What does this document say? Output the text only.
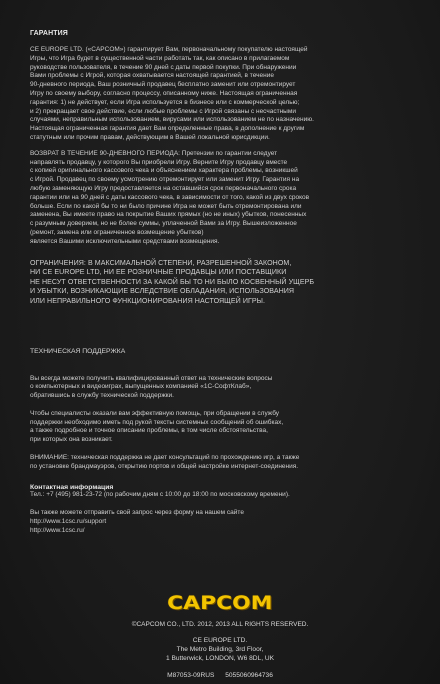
ГАРАНТИЯ

CE EUROPE LTD. («CAPCOM») гарантирует Вам, первоначальному покупателю настоящей
Игры, что Игра будет в существенной части работать так, как описано в прилагаемом
руководстве пользователя, в течение 90 дней с даты первой покупки. При обнаружении
Вами проблемы с Игрой, которая охватывается настоящей гарантией, в течение
90-дневного периода, Ваш розничный продавец бесплатно заменит или отремонтирует
Игру по своему выбору, согласно процессу, описанному ниже. Настоящая ограниченная
гарантия: 1) не действует, если Игра используется в бизнесе или с коммерческой целью;
и 2) прекращает свое действие, если любые проблемы с Игрой связаны с несчастными
случаями, неправильным использованием, вирусами или использованием не по назначению.
Настоящая ограниченная гарантия дает Вам определенные права, в дополнение к другим
статутным или прочим правам, действующим в Вашей локальной юрисдикции.

ВОЗВРАТ В ТЕЧЕНИЕ 90-ДНЕВНОГО ПЕРИОДА: Претензии по гарантии следует
направлять продавцу, у которого Вы приобрели Игру. Верните Игру продавцу вместе
с копией оригинального кассового чека и объяснением характера проблемы, возникшей
с Игрой. Продавец по своему усмотрению отремонтирует или заменит Игру. Гарантия на
любую заменяющую Игру предоставляется на оставшийся срок первоначального срока
гарантии или на 90 дней с даты кассового чека, в зависимости от того, какой из двух сроков
больше. Если по какой бы то ни было причине Игра не может быть отремонтирована или
заменена, Вы имеете право на покрытие Ваших прямых (но не иных) убытков, понесенных
с разумным доверием, но не более суммы, уплаченной Вами за Игру. Вышеизложенное
(ремонт, замена или ограниченное возмещение убытков)
является Вашими исключительными средствами возмещения.

ОГРАНИЧЕНИЯ: В МАКСИМАЛЬНОЙ СТЕПЕНИ, РАЗРЕШЕННОЙ ЗАКОНОМ,
НИ CE EUROPE LTD, НИ ЕЕ РОЗНИЧНЫЕ ПРОДАВЦЫ ИЛИ ПОСТАВЩИКИ
НЕ НЕСУТ ОТВЕТСТВЕННОСТИ ЗА КАКОЙ БЫ ТО НИ БЫЛО КОСВЕННЫЙ УЩЕРБ
И УБЫТКИ, ВОЗНИКАЮЩИЕ ВСЛЕДСТВИЕ ОБЛАДАНИЯ, ИСПОЛЬЗОВАНИЯ
ИЛИ НЕПРАВИЛЬНОГО ФУНКЦИОНИРОВАНИЯ НАСТОЯЩЕЙ ИГРЫ.

ТЕХНИЧЕСКАЯ ПОДДЕРЖКА

Вы всегда можете получить квалифицированный ответ на технические вопросы
о компьютерных и видеоиграх, выпущенных компанией «1С-СофтКлаб»,
обратившись в службу технической поддержки.

Чтобы специалисты оказали вам эффективную помощь, при обращении в службу
поддержки необходимо иметь под рукой тексты системных сообщений об ошибках,
а также подробное и точное описание проблемы, в том числе обстоятельства,
при которых она возникает.

ВНИМАНИЕ: техническая поддержка не дает консультаций по прохождению игр, а также
по установке брандмауэров, открытию портов и общей настройке интернет-соединения.

Контактная информация

Тел.: +7 (495) 981-23-72 (по рабочим дням с 10:00 до 18:00 по московскому времени).

Вы также можете отправить свой запрос через форму на нашем сайте
http://www.1csc.ru/support
http://www.1csc.ru/

CAPCOM

©CAPCOM CO., LTD. 2012, 2013 ALL RIGHTS RESERVED.

CE EUROPE LTD.
The Metro Building, 3rd Floor,
1 Butterwick, LONDON, W6 8DL, UK

M87053-09RUS 5055060964736
